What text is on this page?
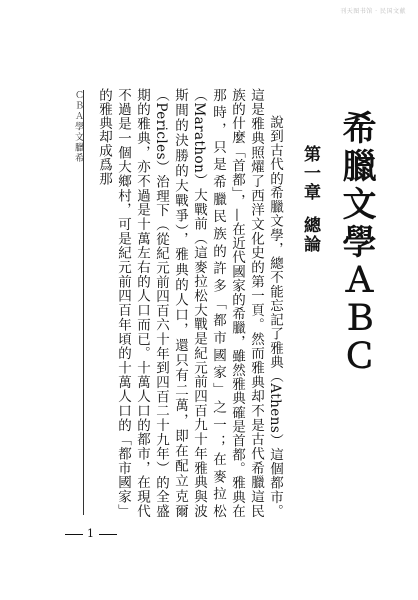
刊天图书馆 · 民国文献
ＣＢＡ學文臘希
1

說到古代的希臘文學，總不能忘記了雅典（Athens）這個都市。這是雅典照燿了西洋文化史的第一頁。然而雅典却不是古代希臘這民族的什麼「首都」，—在近代國家的希臘，雖然雅典確是首都。雅典在那時，只是希臘民族的許多「都市國家」之一；在麥拉松（Marathon）大戰前（這麥拉松大戰是紀元前四百九十年雅典與波斯間的決勝的大戰爭），雅典的人口，還只有二萬，即在配立克爾（Pericles）治理下（從紀元前四百六十年到四百二十九年）的全盛期的雅典，亦不過是十萬左右的人口而已。十萬人口的都市，在現代不過是一個大鄉村，可是紀元前四百年頃的十萬人口的「都市國家」的雅典却成爲那	第一章總論 希臘文學ＡＢＣ
